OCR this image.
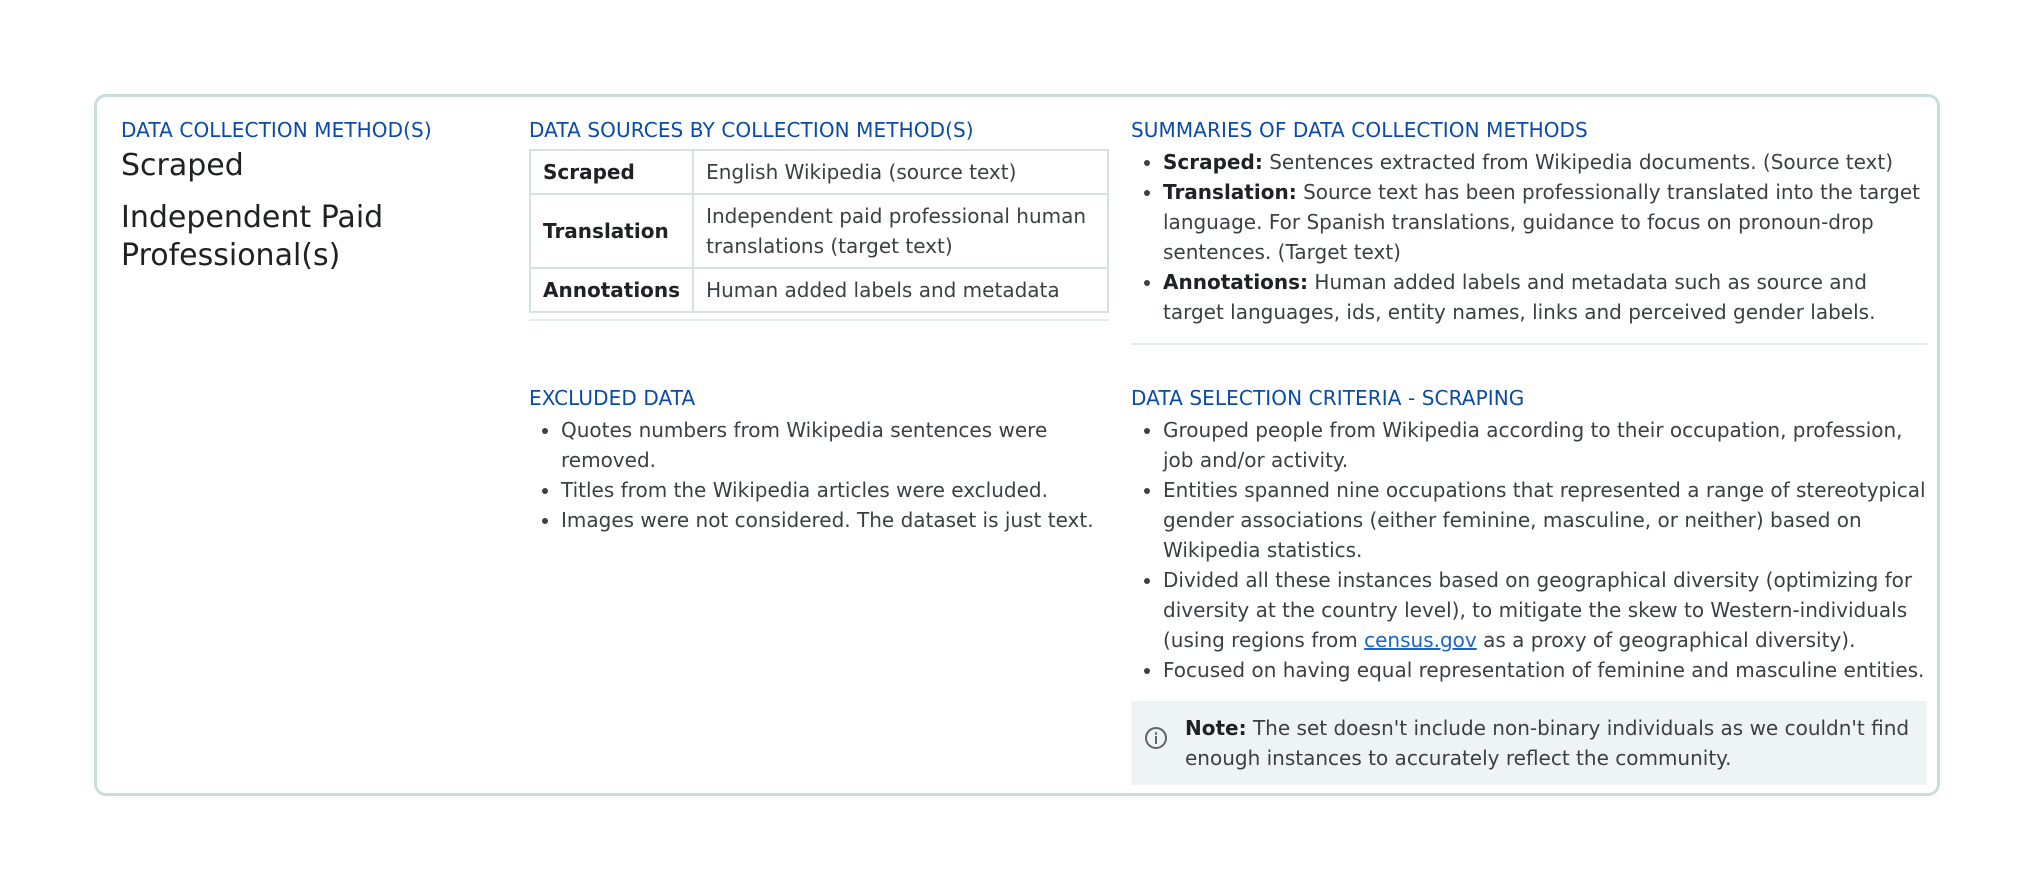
DATA COLLECTION METHOD(S)

Scraped

Independent Paid Professional(s)

DATA SOURCES BY COLLECTION METHOD(S)
Scraped	English Wikipedia (source text)
Translation	Independent paid professional human translations (target text)
Annotations	Human added labels and metadata
SUMMARIES OF DATA COLLECTION METHODS
• Scraped: Sentences extracted from Wikipedia documents. (Source text)
• Translation: Source text has been professionally translated into the target language. For Spanish translations, guidance to focus on pronoun-drop sentences. (Target text)
• Annotations: Human added labels and metadata such as source and target languages, ids, entity names, links and perceived gender labels.
EXCLUDED DATA
• Quotes numbers from Wikipedia sentences were removed.
• Titles from the Wikipedia articles were excluded.
• Images were not considered. The dataset is just text.
DATA SELECTION CRITERIA - SCRAPING
• Grouped people from Wikipedia according to their occupation, profession, job and/or activity.
• Entities spanned nine occupations that represented a range of stereotypical gender associations (either feminine, masculine, or neither) based on Wikipedia statistics.
• Divided all these instances based on geographical diversity (optimizing for diversity at the country level), to mitigate the skew to Western-individuals (using regions from census.gov as a proxy of geographical diversity).
• Focused on having equal representation of feminine and masculine entities.
Note: The set doesn't include non-binary individuals as we couldn't find enough instances to accurately reflect the community.
